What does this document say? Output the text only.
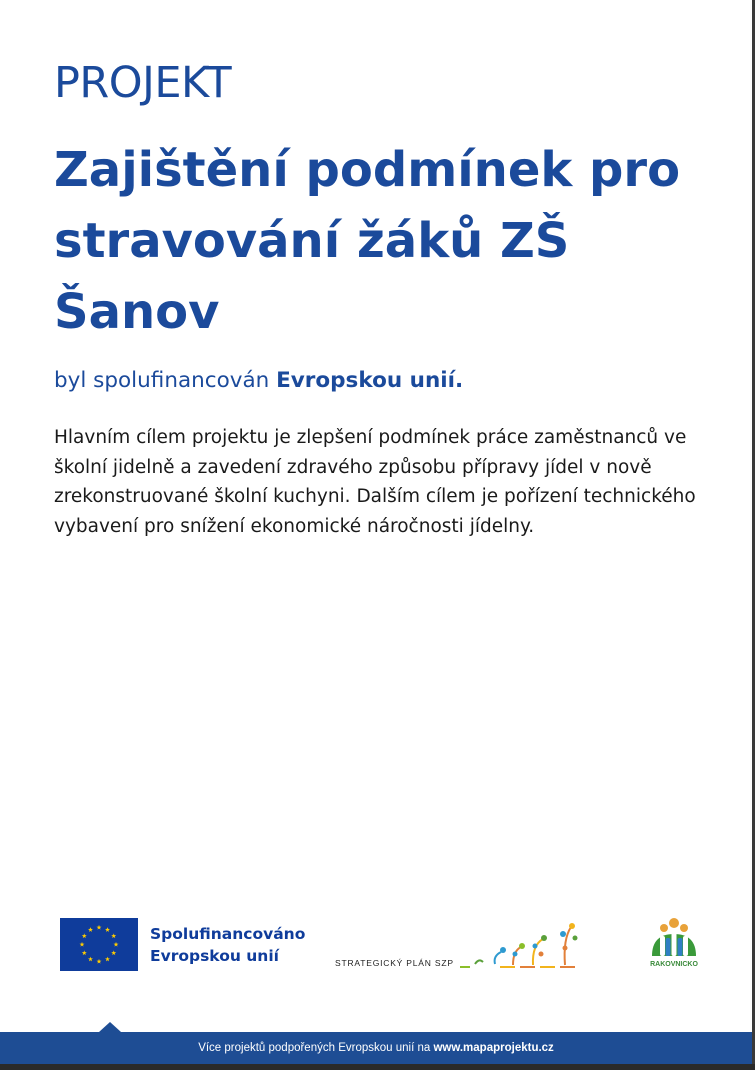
PROJEKT
Zajištění podmínek pro stravování žáků ZŠ Šanov

byl spolufinancován Evropskou unií.

Hlavním cílem projektu je zlepšení podmínek práce zaměstnanců ve školní jidelně a zavedení zdravého způsobu přípravy jídel v nově zrekonstruované školní kuchyni. Dalším cílem je pořízení technického vybavení pro snížení ekonomické náročnosti jídelny.

Spolufinancováno
Evropskou unií	STRATEGICKÝ PLÁN SZP	RAKOVNICKO
Více projektů podpořených Evropskou unií na www.mapaprojektu.cz
